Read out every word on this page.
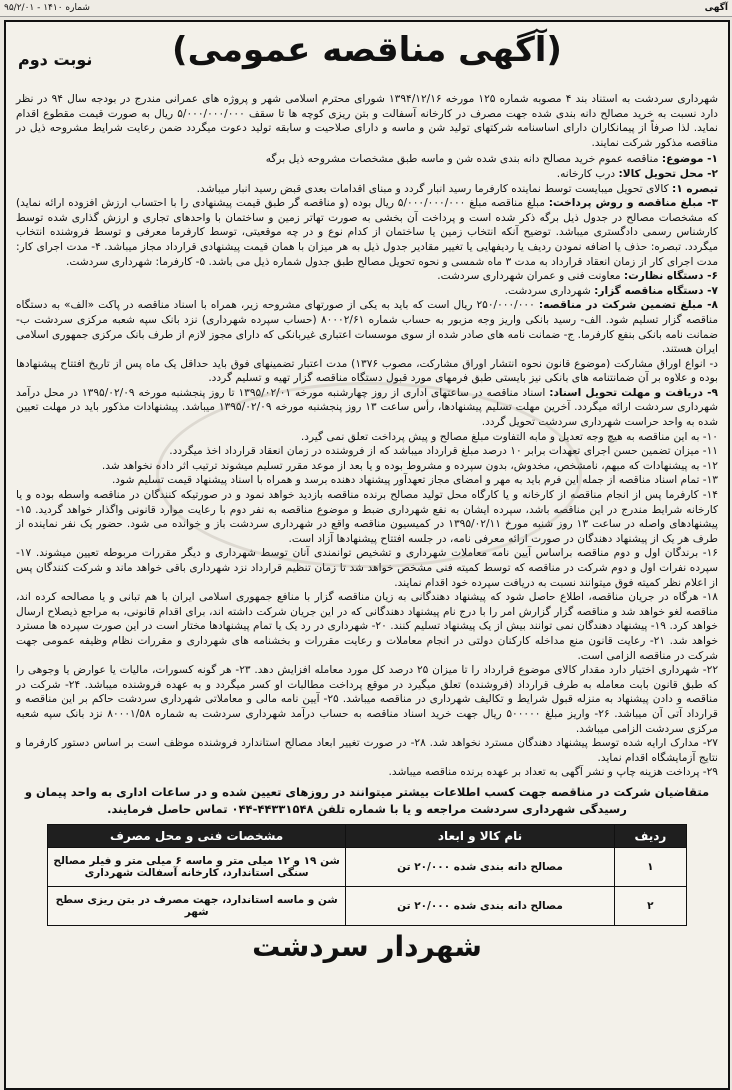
آگهی
شماره ۱۴۱۰ - ۹۵/۲/۰۱
(آگهی مناقصه عمومی)
نوبت دوم

شهرداری سردشت به استناد بند ۴ مصوبه شماره ۱۲۵ مورخه ۱۳۹۴/۱۲/۱۶ شورای محترم اسلامی شهر و پروژه های عمرانی مندرج در بودجه سال ۹۴ در نظر دارد نسبت به خرید مصالح دانه بندی شده جهت مصرف در کارخانه آسفالت و بتن ریزی کوچه ها تا سقف ۵/۰۰۰/۰۰۰/۰۰۰ ریال به صورت قیمت مقطوع اقدام نماید. لذا صرفاً از پیمانکاران دارای اساسنامه شرکتهای تولید شن و ماسه و دارای صلاحیت و سابقه تولید دعوت میگردد ضمن رعایت شرایط مشروحه ذیل در مناقصه مذکور شرکت نمایند.

۱- موضوع: مناقصه عموم خرید مصالح دانه بندی شده شن و ماسه طبق مشخصات مشروحه ذیل برگه

۲- محل تحویل کالا: درب کارخانه.

تبصره ۱: کالای تحویل میبایست توسط نماینده کارفرما رسید انبار گردد و مبنای اقدامات بعدی قبض رسید انبار میباشد.

۳- مبلغ مناقصه و روش پرداخت: مبلغ مناقصه مبلغ ۵/۰۰۰/۰۰۰/۰۰۰ ریال بوده (و مناقصه گر طبق قیمت پیشنهادی را با احتساب ارزش افزوده ارائه نماید) که مشخصات مصالح در جدول ذیل برگه ذکر شده است و پرداخت آن بخشی به صورت تهاتر زمین و ساختمان با واحدهای تجاری و ارزش گذاری شده توسط کارشناس رسمی دادگستری میباشد. توضیح آنکه انتخاب زمین یا ساختمان از کدام نوع و در چه موقعیتی، توسط کارفرما معرفی و توسط فروشنده انتخاب میگردد. تبصره: حذف یا اضافه نمودن ردیف یا ردیفهایی یا تغییر مقادیر جدول ذیل به هر میزان با همان قیمت پیشنهادی قرارداد مجاز میباشد. ۴- مدت اجرای کار: مدت اجرای کار از زمان انعقاد قرارداد به مدت ۳ ماه شمسی و نحوه تحویل مصالح طبق جدول شماره ذیل می باشد. ۵- کارفرما: شهرداری سردشت.

۶- دستگاه نظارت: معاونت فنی و عمران شهرداری سردشت.

۷- دستگاه مناقصه گزار: شهرداری سردشت.

۸- مبلغ تضمین شرکت در مناقصه: ۲۵۰/۰۰۰/۰۰۰ ریال است که باید به یکی از صورتهای مشروحه زیر، همراه با اسناد مناقصه در پاکت «الف» به دستگاه مناقصه گزار تسلیم شود. الف- رسید بانکی واریز وجه مزبور به حساب شماره ۸۰۰۰۲/۶۱ (حساب سپرده شهرداری) نزد بانک سپه شعبه مرکزی سردشت ب- ضمانت نامه بانکی بنفع کارفرما. ج- ضمانت نامه های صادر شده از سوی موسسات اعتباری غیربانکی که دارای مجوز لازم از طرف بانک مرکزی جمهوری اسلامی ایران هستند.

د- انواع اوراق مشارکت (موضوع قانون نحوه انتشار اوراق مشارکت، مصوب ۱۳۷۶) مدت اعتبار تضمینهای فوق باید حداقل یک ماه پس از تاریخ افتتاح پیشنهادها بوده و علاوه بر آن ضمانتنامه های بانکی نیز بایستی طبق فرمهای مورد قبول دستگاه مناقصه گزار تهیه و تسلیم گردد.

۹- دریافت و مهلت تحویل اسناد: اسناد مناقصه در ساعتهای اداری از روز چهارشنبه مورخه ۱۳۹۵/۰۲/۰۱ تا روز پنجشنبه مورخه ۱۳۹۵/۰۲/۰۹ در محل درآمد شهرداری سردشت ارائه میگردد. آخرین مهلت تسلیم پیشنهادها، رأس ساعت ۱۳ روز پنجشنبه مورخه ۱۳۹۵/۰۲/۰۹ میباشد. پیشنهادات مذکور باید در مهلت تعیین شده به واحد حراست شهرداری سردشت تحویل گردد.

۱۰- به این مناقصه به هیچ وجه تعدیل و مابه التفاوت مبلغ مصالح و پیش پرداخت تعلق نمی گیرد.

۱۱- میزان تضمین حسن اجرای تعهدات برابر ۱۰ درصد مبلغ قرارداد میباشد که از فروشنده در زمان انعقاد قرارداد اخذ میگردد.

۱۲- به پیشنهادات که مبهم، نامشخص، مخدوش، بدون سپرده و مشروط بوده و یا بعد از موعد مقرر تسلیم میشوند ترتیب اثر داده نخواهد شد.

۱۳- تمام اسناد مناقصه از جمله این فرم باید به مهر و امضای مجاز تعهدآور پیشنهاد دهنده برسد و همراه با اسناد پیشنهاد قیمت تسلیم شود.

۱۴- کارفرما پس از انجام مناقصه از کارخانه و یا کارگاه محل تولید مصالح برنده مناقصه بازدید خواهد نمود و در صورتیکه کنندگان در مناقصه واسطه بوده و یا کارخانه شرایط مندرج در این مناقصه باشد، سپرده ایشان به نفع شهرداری ضبط و موضوع مناقصه به نفر دوم با رعایت موارد قانونی واگذار خواهد گردید. ۱۵- پیشنهادهای واصله در ساعت ۱۳ روز شنبه مورخ ۱۳۹۵/۰۲/۱۱ در کمیسیون مناقصه واقع در شهرداری سردشت باز و خوانده می شود. حضور یک نفر نماینده از طرف هر یک از پیشنهاد دهندگان در صورت ارائه معرفی نامه، در جلسه افتتاح پیشنهادها آزاد است.

۱۶- برندگان اول و دوم مناقصه براساس آیین نامه معاملات شهرداری و تشخیص توانمندی آنان توسط شهرداری و دیگر مقررات مربوطه تعیین میشوند. ۱۷- سپرده نفرات اول و دوم شرکت در مناقصه که توسط کمیته فنی مشخص خواهد شد تا زمان تنظیم قرارداد نزد شهرداری باقی خواهد ماند و شرکت کنندگان پس از اعلام نظر کمیته فوق میتوانند نسبت به دریافت سپرده خود اقدام نمایند.

۱۸- هرگاه در جریان مناقصه، اطلاع حاصل شود که پیشنهاد دهندگانی به زیان مناقصه گزار با منافع جمهوری اسلامی ایران با هم تبانی و یا مصالحه کرده اند، مناقصه لغو خواهد شد و مناقصه گزار گزارش امر را با درج نام پیشنهاد دهندگانی که در این جریان شرکت داشته اند، برای اقدام قانونی، به مراجع ذیصلاح ارسال خواهد کرد. ۱۹- پیشنهاد دهندگان نمی توانند بیش از یک پیشنهاد تسلیم کنند. ۲۰- شهرداری در رد یک یا تمام پیشنهادها مختار است در این صورت سپرده ها مسترد خواهد شد. ۲۱- رعایت قانون منع مداخله کارکنان دولتی در انجام معاملات و رعایت مقررات و بخشنامه های شهرداری و مقررات نظام وظیفه عمومی جهت شرکت در مناقصه الزامی است.

۲۲- شهرداری اختیار دارد مقدار کالای موضوع قرارداد را تا میزان ۲۵ درصد کل مورد معامله افزایش دهد. ۲۳- هر گونه کسورات، مالیات یا عوارض یا وجوهی را که طبق قانون بابت معامله به طرف قرارداد (فروشنده) تعلق میگیرد در موقع پرداخت مطالبات او کسر میگردد و به عهده فروشنده میباشد. ۲۴- شرکت در مناقصه و دادن پیشنهاد به منزله قبول شرایط و تکالیف شهرداری در مناقصه میباشد. ۲۵- آیین نامه مالی و معاملاتی شهرداری سردشت حاکم بر این مناقصه و قرارداد آتی آن میباشد. ۲۶- واریز مبلغ ۵۰۰۰۰۰ ریال جهت خرید اسناد مناقصه به حساب درآمد شهرداری سردشت به شماره ۸۰۰۰۱/۵۸ نزد بانک سپه شعبه مرکزی سردشت الزامی میباشد.

۲۷- مدارک ارایه شده توسط پیشنهاد دهندگان مسترد نخواهد شد. ۲۸- در صورت تغییر ابعاد مصالح استاندارد فروشنده موظف است بر اساس دستور کارفرما و نتایج آزمایشگاه اقدام نماید.

۲۹- پرداخت هزینه چاپ و نشر آگهی به تعداد بر عهده برنده مناقصه میباشد.

متقاضیان شرکت در مناقصه جهت کسب اطلاعات بیشتر میتوانند در روزهای تعیین شده و در ساعات اداری به واحد پیمان و رسیدگی شهرداری سردشت مراجعه و یا با شماره تلفن ۴۴۳۳۱۵۴۸-۰۴۴ تماس حاصل فرمایند.
ردیف	نام کالا و ابعاد	مشخصات فنی و محل مصرف
۱	مصالح دانه بندی شده ۲۰/۰۰۰ تن	شن ۱۹ و ۱۲ میلی متر و ماسه ۶ میلی متر و فیلر مصالح سنگی استاندارد، کارخانه آسفالت شهرداری
۲	مصالح دانه بندی شده ۲۰/۰۰۰ تن	شن و ماسه استاندارد، جهت مصرف در بتن ریزی سطح شهر
شهردار سردشت
